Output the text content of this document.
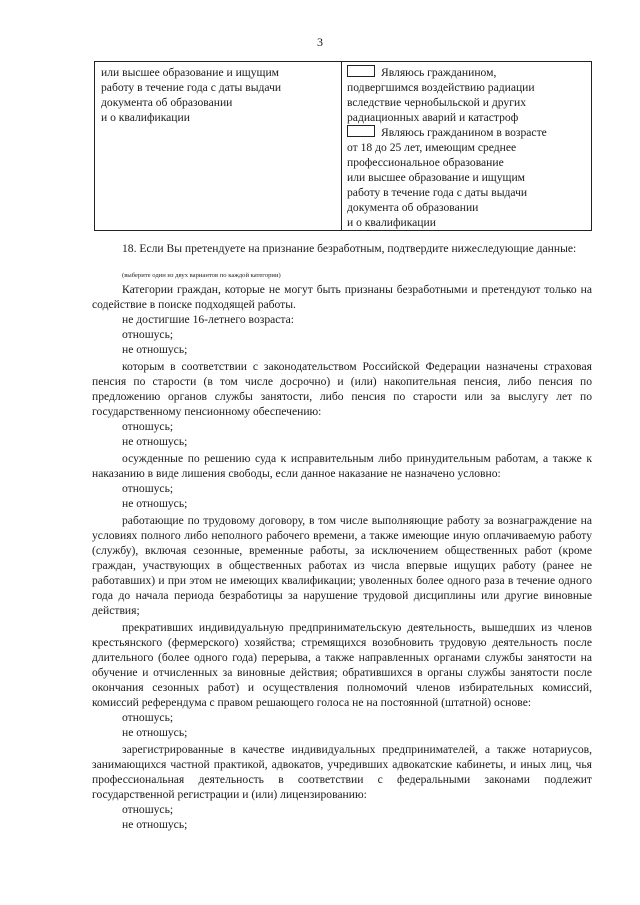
3
или высшее образование и ищущим
работу в течение года с даты выдачи
документа об образовании
и о квалификации
Являюсь гражданином,
подвергшимся воздействию радиации
вследствие чернобыльской и других
радиационных аварий и катастроф
Являюсь гражданином в возрасте
от 18 до 25 лет, имеющим среднее
профессиональное образование
или высшее образование и ищущим
работу в течение года с даты выдачи
документа об образовании
и о квалификации
18. Если Вы претендуете на признание безработным, подтвердите нижеследующие данные:
(выберите один из двух вариантов по каждой категории)
Категории граждан, которые не могут быть признаны безработными и претендуют только на содействие в поиске подходящей работы.
не достигшие 16-летнего возраста:
отношусь;
не отношусь;
которым в соответствии с законодательством Российской Федерации назначены страховая пенсия по старости (в том числе досрочно) и (или) накопительная пенсия, либо пенсия по предложению органов службы занятости, либо пенсия по старости или за выслугу лет по государственному пенсионному обеспечению:
отношусь;
не отношусь;
осужденные по решению суда к исправительным либо принудительным работам, а также к наказанию в виде лишения свободы, если данное наказание не назначено условно:
отношусь;
не отношусь;
работающие по трудовому договору, в том числе выполняющие работу за вознаграждение на условиях полного либо неполного рабочего времени, а также имеющие иную оплачиваемую работу (службу), включая сезонные, временные работы, за исключением общественных работ (кроме граждан, участвующих в общественных работах из числа впервые ищущих работу (ранее не работавших) и при этом не имеющих квалификации; уволенных более одного раза в течение одного года до начала периода безработицы за нарушение трудовой дисциплины или другие виновные действия;
прекративших индивидуальную предпринимательскую деятельность, вышедших из членов крестьянского (фермерского) хозяйства; стремящихся возобновить трудовую деятельность после длительного (более одного года) перерыва, а также направленных органами службы занятости на обучение и отчисленных за виновные действия; обратившихся в органы службы занятости после окончания сезонных работ) и осуществления полномочий членов избирательных комиссий, комиссий референдума с правом решающего голоса не на постоянной (штатной) основе:
отношусь;
не отношусь;
зарегистрированные в качестве индивидуальных предпринимателей, а также нотариусов, занимающихся частной практикой, адвокатов, учредивших адвокатские кабинеты, и иных лиц, чья профессиональная деятельность в соответствии с федеральными законами подлежит государственной регистрации и (или) лицензированию:
отношусь;
не отношусь;
